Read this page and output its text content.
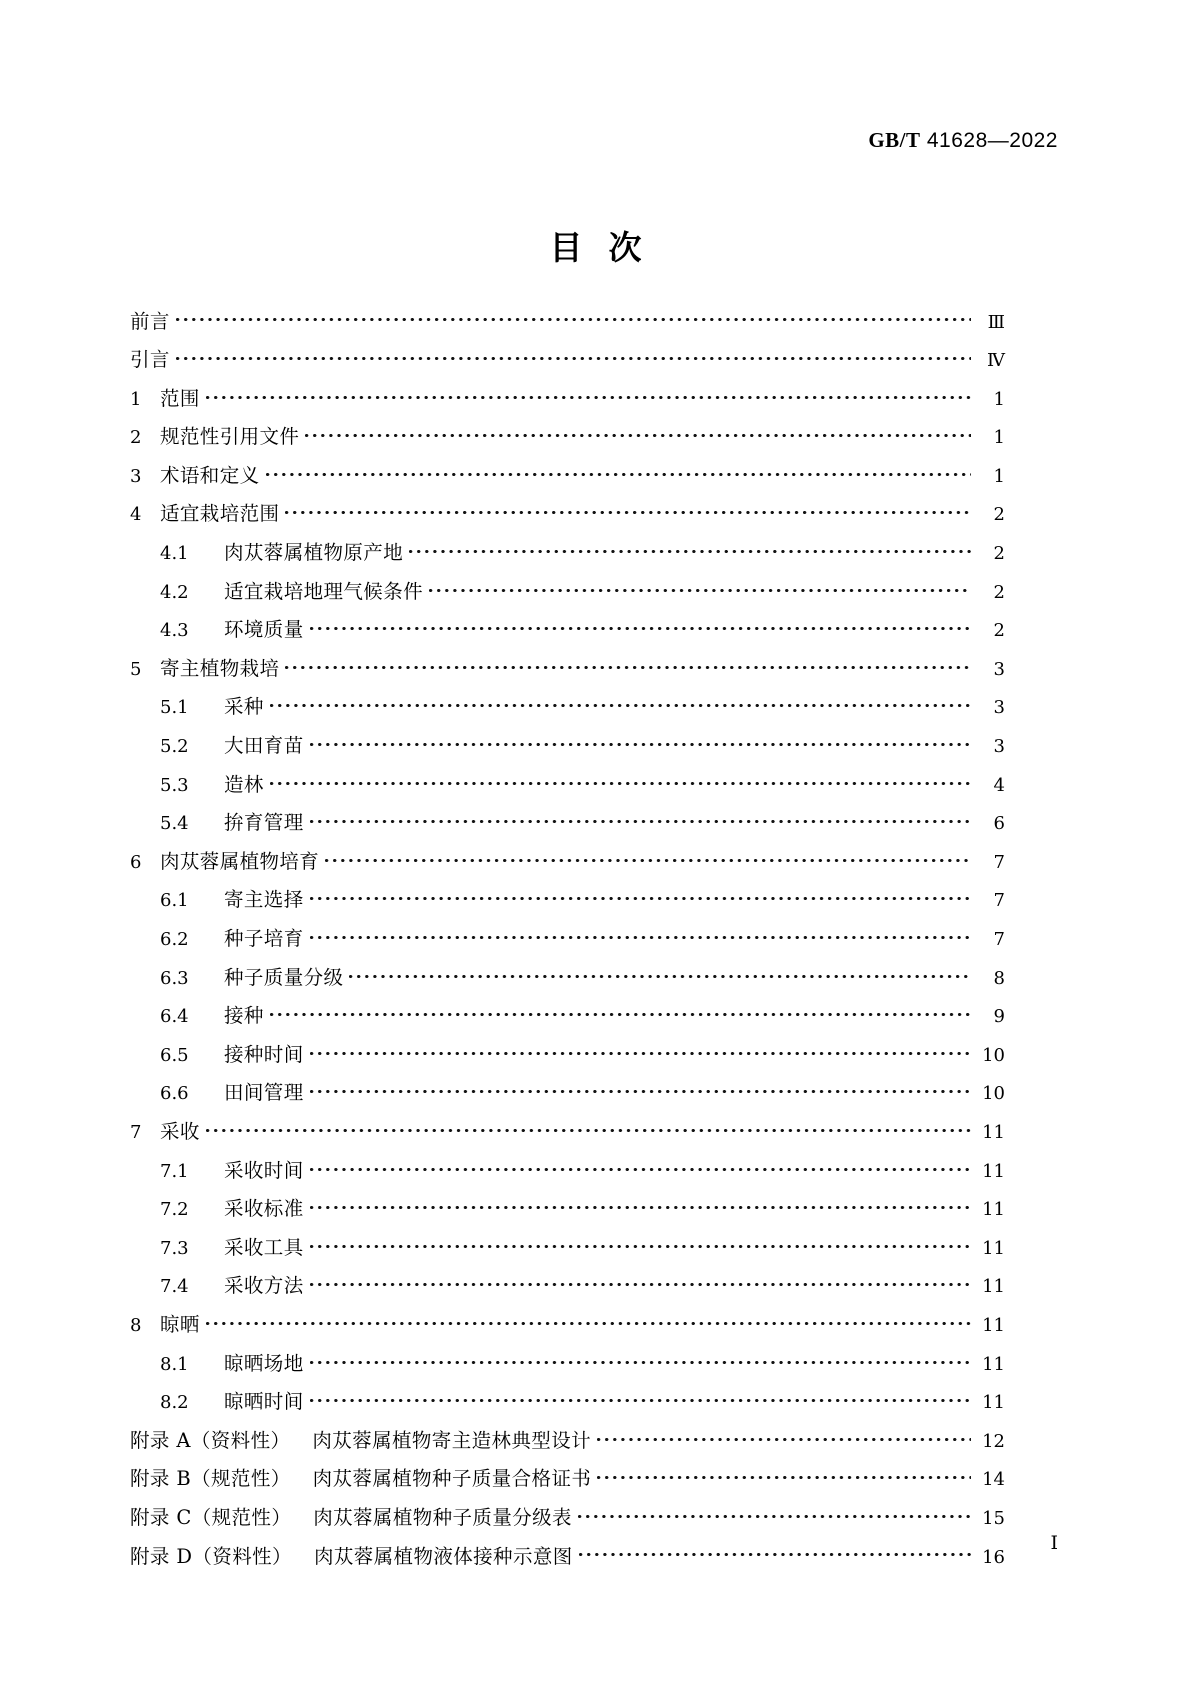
GB/T 41628—2022
目次
前言	Ⅲ
引言	Ⅳ
1 范围	1
2 规范性引用文件	1
3 术语和定义	1
4 适宜栽培范围	2
4.1	肉苁蓉属植物原产地	2
4.2	适宜栽培地理气候条件	2
4.3	环境质量	2
5 寄主植物栽培	3
5.1	采种	3
5.2	大田育苗	3
5.3	造林	4
5.4	拚育管理	6
6 肉苁蓉属植物培育	7
6.1	寄主选择	7
6.2	种子培育	7
6.3	种子质量分级	8
6.4	接种	9
6.5	接种时间	10
6.6	田间管理	10
7 采收	11
7.1	采收时间	11
7.2	采收标准	11
7.3	采收工具	11
7.4	采收方法	11
8 晾晒	11
8.1	晾晒场地	11
8.2	晾晒时间	11
附录 A（资料性） 肉苁蓉属植物寄主造林典型设计	12
附录 B（规范性） 肉苁蓉属植物种子质量合格证书	14
附录 C（规范性） 肉苁蓉属植物种子质量分级表	15
附录 D（资料性） 肉苁蓉属植物液体接种示意图	16
Ⅰ
